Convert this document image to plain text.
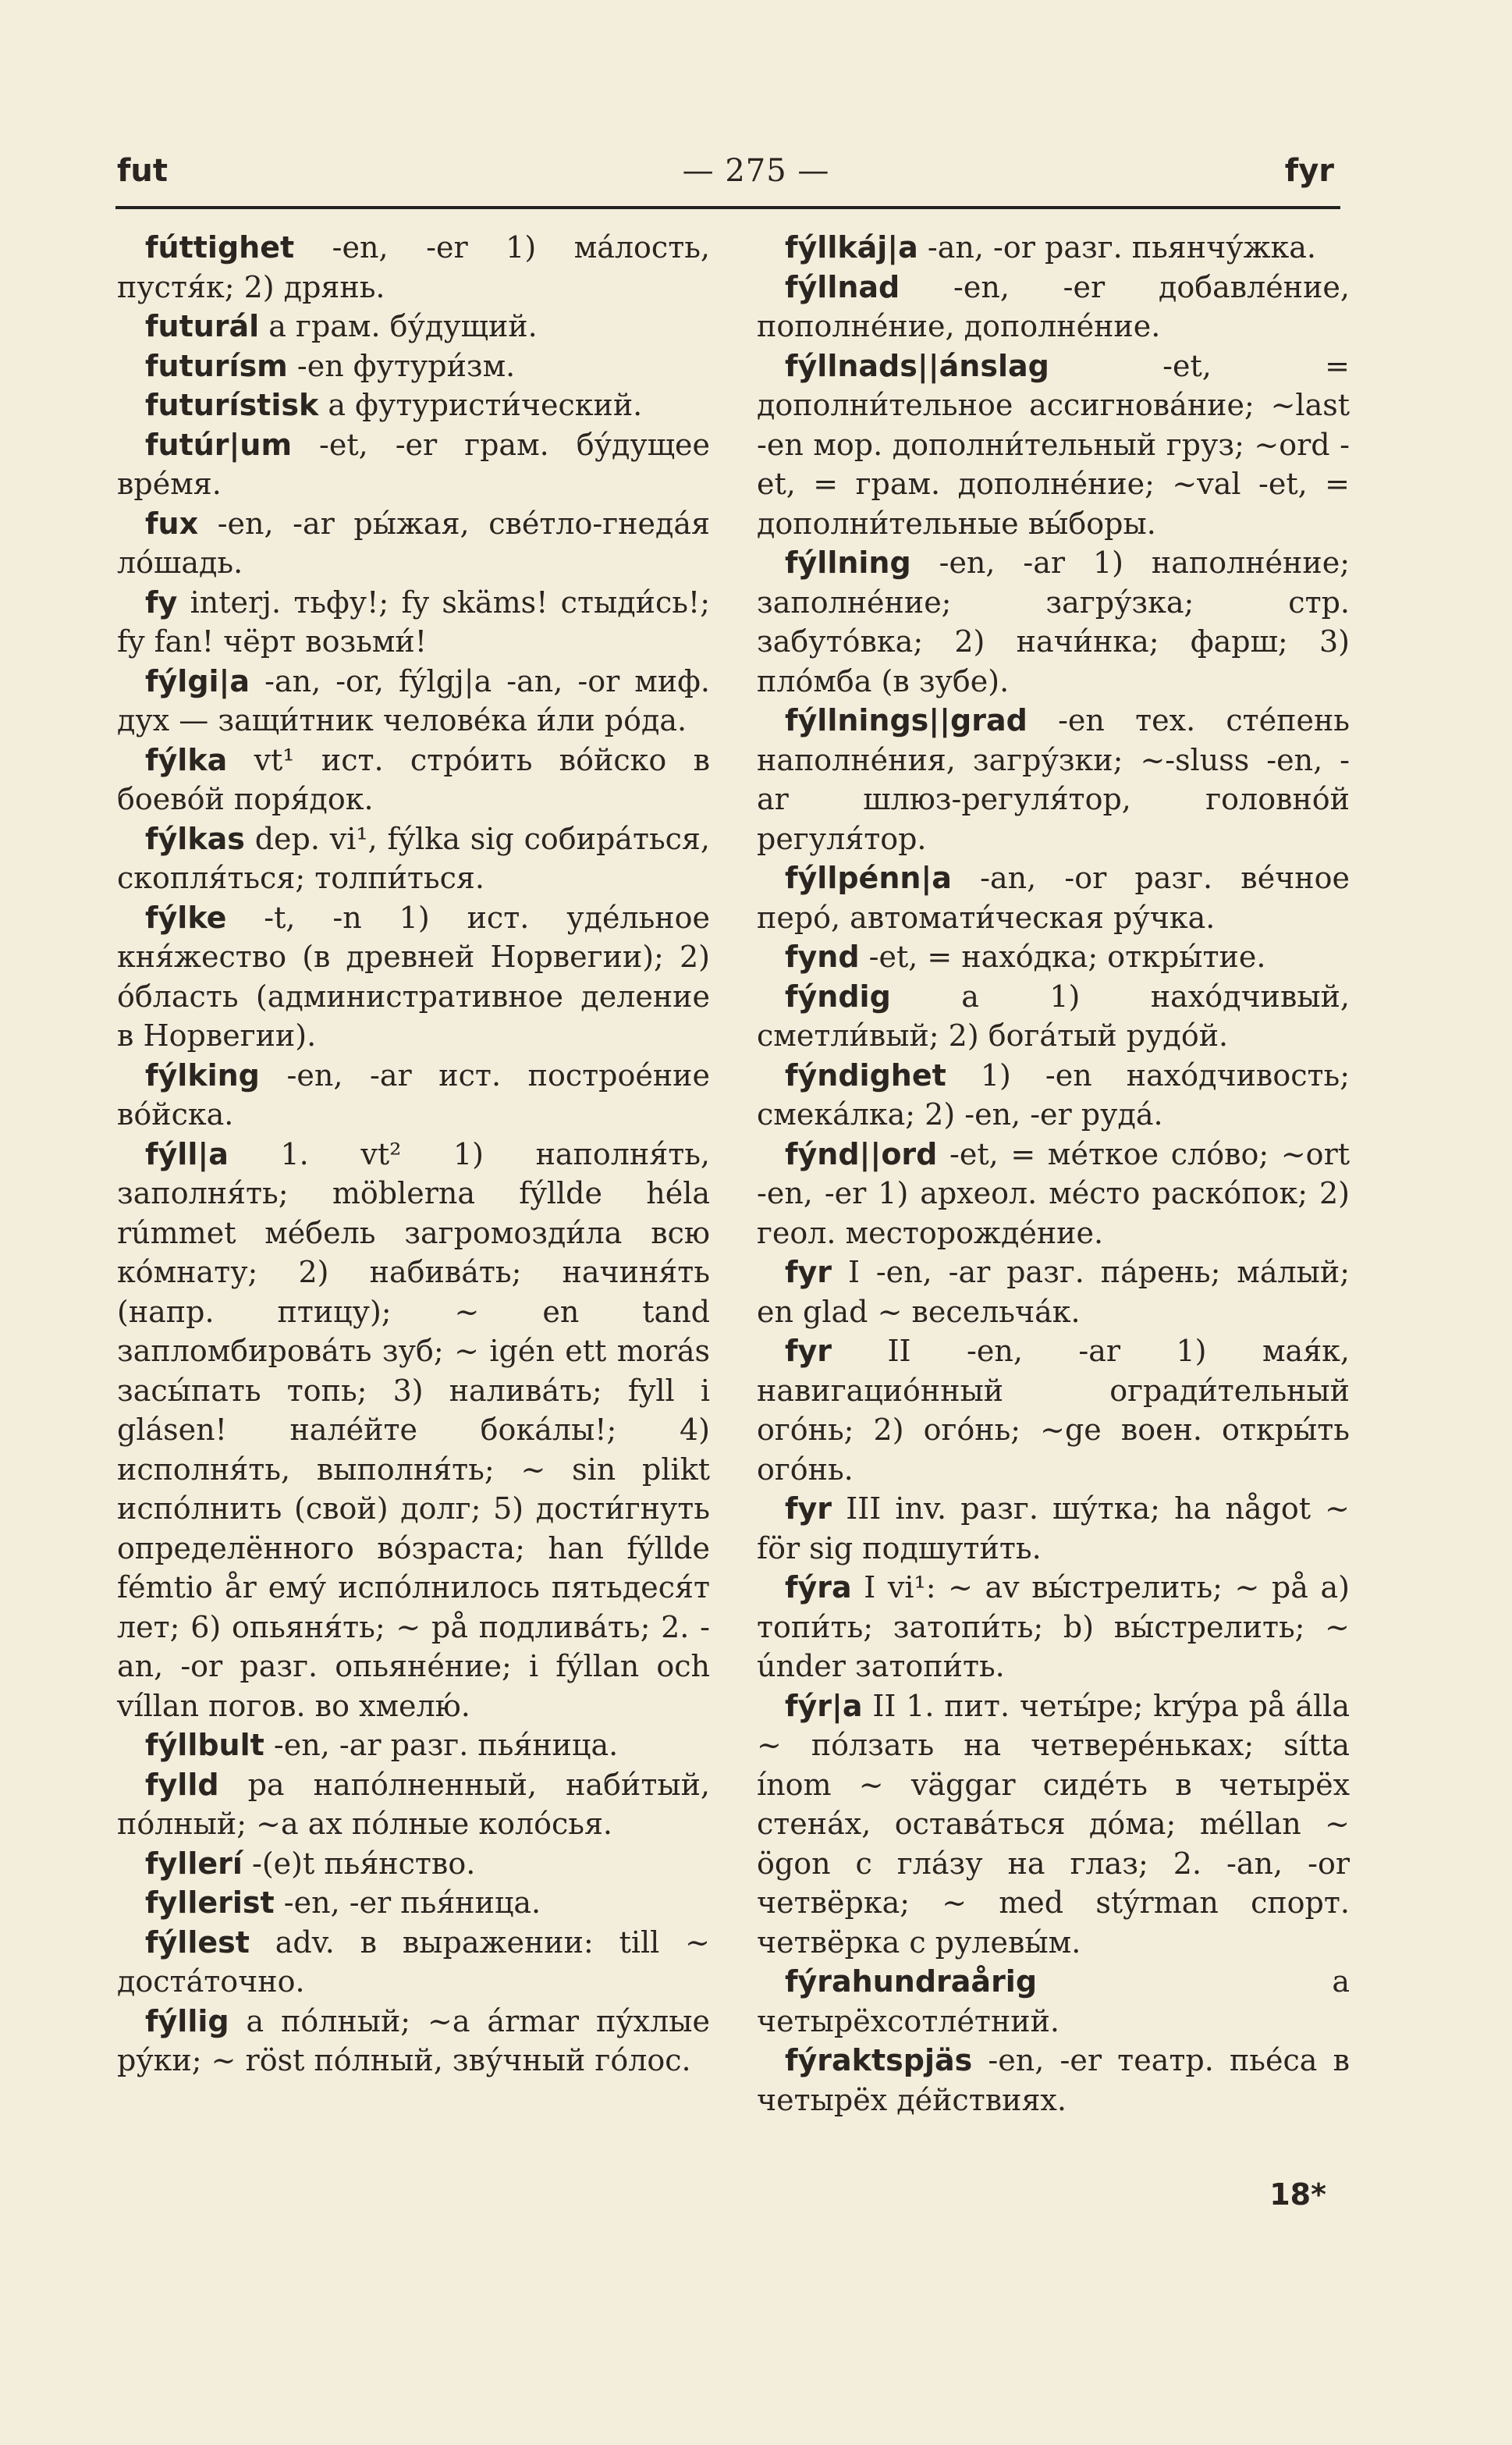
fut	— 275 —	fyr

fúttighet -en, -er 1) ма́лость, пустя́к; 2) дрянь.

futurál а грам. бу́дущий.

futurísm -en футури́зм.

futurístisk а футуристи́ческий.

futúr|um -et, -er грам. бу́дущее вре́мя.

fux -en, -ar ры́жая, све́тло-гнеда́я ло́шадь.

fy interj. тьфу!; fy skäms! стыди́сь!; fy fan! чёрт возьми́!

fýlgi|a -an, -or, fýlgj|a -an, -or миф. дух — защи́тник челове́ка и́ли ро́да.

fýlka vt¹ ист. стро́ить во́йско в боево́й поря́док.

fýlkas dep. vi¹, fýlka sig собира́ться, скопля́ться; толпи́ться.

fýlke -t, -n 1) ист. уде́льное кня́жество (в древней Норвегии); 2) о́бласть (административное деление в Норвегии).

fýlking -en, -ar ист. построе́ние во́йска.

fýll|a 1. vt² 1) наполня́ть, заполня́ть; möblerna fýllde héla rúmmet ме́бель загромозди́ла всю ко́мнату; 2) набива́ть; начиня́ть (напр. птицу); ~ en tand запломбирова́ть зуб; ~ igén ett morás засы́пать топь; 3) налива́ть; fyll i glásen! нале́йте бока́лы!; 4) исполня́ть, выполня́ть; ~ sin plikt испо́лнить (свой) долг; 5) дости́гнуть определённого во́зраста; han fýllde fémtio år ему́ испо́лнилось пятьдеся́т лет; 6) опьяня́ть; ~ på подлива́ть; 2. -an, -or разг. опьяне́ние; i fýllan och víllan погов. во хмелю́.

fýllbult -en, -ar разг. пья́ница.

fylld pa напо́лненный, наби́тый, по́лный; ~a ax по́лные коло́сья.

fyllerí -(e)t пья́нство.

fyllerist -en, -er пья́ница.

fýllest adv. в выражении: till ~ доста́точно.

fýllig а по́лный; ~a ármar пу́хлые ру́ки; ~ röst по́лный, зву́чный го́лос.

fýllkáj|a -an, -or разг. пьянчу́жка.

fýllnad -en, -er добавле́ние, пополне́ние, дополне́ние.

fýllnads||ánslag -et, = дополни́тельное ассигнова́ние; ~last -en мор. дополни́тельный груз; ~ord -et, = грам. дополне́ние; ~val -et, = дополни́тельные вы́боры.

fýllning -en, -ar 1) наполне́ние; заполне́ние; загру́зка; стр. забуто́вка; 2) начи́нка; фарш; 3) пло́мба (в зубе).

fýllnings||grad -en тех. сте́пень наполне́ния, загру́зки; ~-sluss -en, -ar шлюз-регуля́тор, головно́й регуля́тор.

fýllpénn|a -an, -or разг. ве́чное перо́, автомати́ческая ру́чка.

fynd -et, = нахо́дка; откры́тие.

fýndig а 1) нахо́дчивый, сметли́вый; 2) бога́тый рудо́й.

fýndighet 1) -en нахо́дчивость; смека́лка; 2) -en, -er руда́.

fýnd||ord -et, = ме́ткое сло́во; ~ort -en, -er 1) археол. ме́сто раско́пок; 2) геол. месторожде́ние.

fyr I -en, -ar разг. па́рень; ма́лый; en glad ~ весельча́к.

fyr II -en, -ar 1) мая́к, навигацио́нный огради́тельный ого́нь; 2) ого́нь; ~ge воен. откры́ть ого́нь.

fyr III inv. разг. шу́тка; ha något ~ för sig подшути́ть.

fýra I vi¹: ~ av вы́стрелить; ~ på а) топи́ть; затопи́ть; b) вы́стрелить; ~ únder затопи́ть.

fýr|a II 1. пит. четы́ре; krýра på álla ~ по́лзать на четвере́ньках; sítta ínom ~ väggar сиде́ть в четырёх стена́х, остава́ться до́ма; méllan ~ ögon с гла́зу на глаз; 2. -an, -or четвёрка; ~ med stýrman спорт. четвёрка с рулевы́м.

fýrahundraårig а четырёхсотле́тний.

fýraktspjäs -en, -er театр. пье́са в четырёх де́йствиях.

18*
